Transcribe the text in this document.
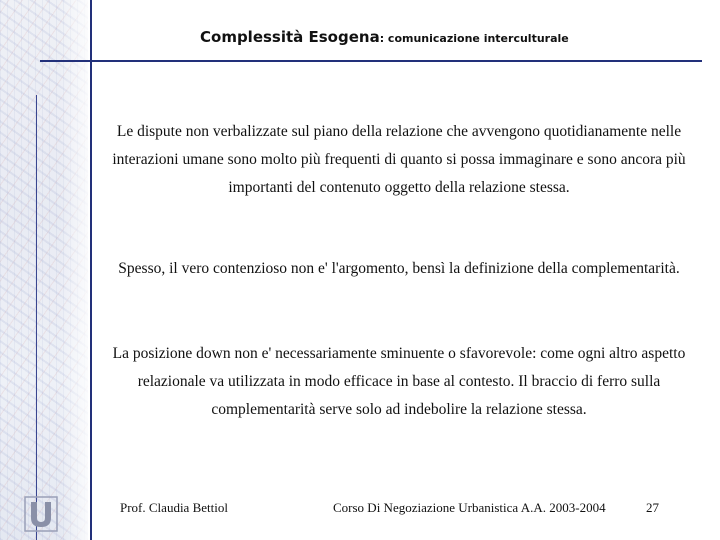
Complessità Esogena: comunicazione interculturale
Le dispute non verbalizzate sul piano della relazione che avvengono quotidianamente nelle interazioni umane sono molto più frequenti di quanto si possa immaginare e sono ancora più importanti del contenuto oggetto della relazione stessa.
Spesso, il vero contenzioso non e' l'argomento, bensì la definizione della complementarità.
La posizione down non e' necessariamente sminuente o sfavorevole: come ogni altro aspetto relazionale va utilizzata in modo efficace in base al contesto. Il braccio di ferro sulla complementarità serve solo ad indebolire la relazione stessa.
Prof. Claudia Bettiol	Corso Di Negoziazione Urbanistica A.A. 2003-2004	27
